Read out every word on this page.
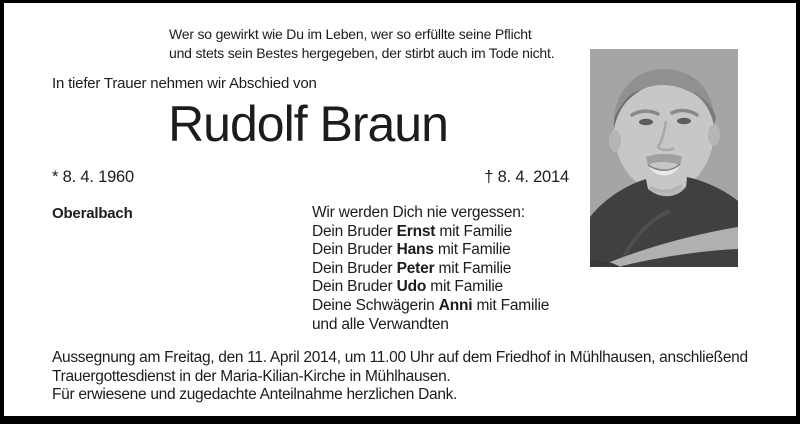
Wer so gewirkt wie Du im Leben, wer so erfüllte seine Pflicht
und stets sein Bestes hergegeben, der stirbt auch im Tode nicht.
In tiefer Trauer nehmen wir Abschied von
Rudolf Braun
* 8. 4. 1960	† 8. 4. 2014
Oberalbach	Wir werden Dich nie vergessen:
Dein Bruder Ernst mit Familie
Dein Bruder Hans mit Familie
Dein Bruder Peter mit Familie
Dein Bruder Udo mit Familie
Deine Schwägerin Anni mit Familie
und alle Verwandten
Aussegnung am Freitag, den 11. April 2014, um 11.00 Uhr auf dem Friedhof in Mühlhausen, anschließend
Trauergottesdienst in der Maria-Kilian-Kirche in Mühlhausen.
Für erwiesene und zugedachte Anteilnahme herzlichen Dank.
